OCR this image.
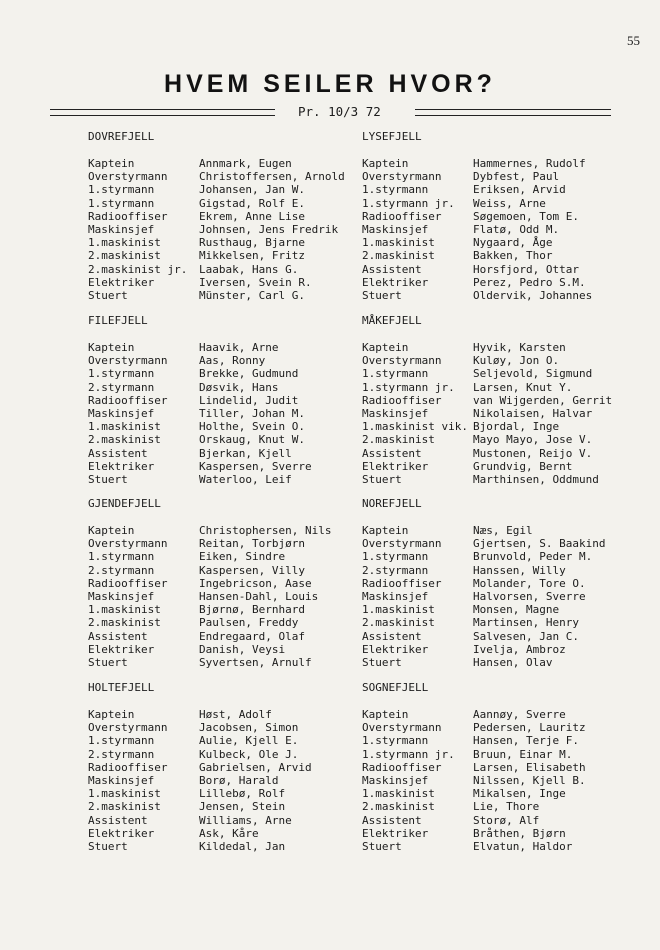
55
HVEM SEILER HVOR?
Pr. 10/3 72
DOVREFJELL
Kaptein	Annmark, Eugen
Overstyrmann	Christoffersen, Arnold
1.styrmann	Johansen, Jan W.
1.styrmann	Gigstad, Rolf E.
Radiooffiser	Ekrem, Anne Lise
Maskinsjef	Johnsen, Jens Fredrik
1.maskinist	Rusthaug, Bjarne
2.maskinist	Mikkelsen, Fritz
2.maskinist jr.	Laabak, Hans G.
Elektriker	Iversen, Svein R.
Stuert	Münster, Carl G.
LYSEFJELL
Kaptein	Hammernes, Rudolf
Overstyrmann	Dybfest, Paul
1.styrmann	Eriksen, Arvid
1.styrmann jr.	Weiss, Arne
Radiooffiser	Søgemoen, Tom E.
Maskinsjef	Flatø, Odd M.
1.maskinist	Nygaard, Åge
2.maskinist	Bakken, Thor
Assistent	Horsfjord, Ottar
Elektriker	Perez, Pedro S.M.
Stuert	Oldervik, Johannes
FILEFJELL
Kaptein	Haavik, Arne
Overstyrmann	Aas, Ronny
1.styrmann	Brekke, Gudmund
2.styrmann	Døsvik, Hans
Radiooffiser	Lindelid, Judit
Maskinsjef	Tiller, Johan M.
1.maskinist	Holthe, Svein O.
2.maskinist	Orskaug, Knut W.
Assistent	Bjerkan, Kjell
Elektriker	Kaspersen, Sverre
Stuert	Waterloo, Leif
MÅKEFJELL
Kaptein	Hyvik, Karsten
Overstyrmann	Kuløy, Jon O.
1.styrmann	Seljevold, Sigmund
1.styrmann jr.	Larsen, Knut Y.
Radiooffiser	van Wijgerden, Gerrit
Maskinsjef	Nikolaisen, Halvar
1.maskinist vik. Bjordal, Inge
2.maskinist	Mayo Mayo, Jose V.
Assistent	Mustonen, Reijo V.
Elektriker	Grundvig, Bernt
Stuert	Marthinsen, Oddmund
GJENDEFJELL
Kaptein	Christophersen, Nils
Overstyrmann	Reitan, Torbjørn
1.styrmann	Eiken, Sindre
2.styrmann	Kaspersen, Villy
Radiooffiser	Ingebricson, Aase
Maskinsjef	Hansen-Dahl, Louis
1.maskinist	Bjørnø, Bernhard
2.maskinist	Paulsen, Freddy
Assistent	Endregaard, Olaf
Elektriker	Danish, Veysi
Stuert	Syvertsen, Arnulf
NOREFJELL
Kaptein	Næs, Egil
Overstyrmann	Gjertsen, S. Baakind
1.styrmann	Brunvold, Peder M.
2.styrmann	Hanssen, Willy
Radiooffiser	Molander, Tore O.
Maskinsjef	Halvorsen, Sverre
1.maskinist	Monsen, Magne
2.maskinist	Martinsen, Henry
Assistent	Salvesen, Jan C.
Elektriker	Ivelja, Ambroz
Stuert	Hansen, Olav
HOLTEFJELL
Kaptein	Høst, Adolf
Overstyrmann	Jacobsen, Simon
1.styrmann	Aulie, Kjell E.
2.styrmann	Kulbeck, Ole J.
Radiooffiser	Gabrielsen, Arvid
Maskinsjef	Borø, Harald
1.maskinist	Lillebø, Rolf
2.maskinist	Jensen, Stein
Assistent	Williams, Arne
Elektriker	Ask, Kåre
Stuert	Kildedal, Jan
SOGNEFJELL
Kaptein	Aannøy, Sverre
Overstyrmann	Pedersen, Lauritz
1.styrmann	Hansen, Terje F.
1.styrmann jr.	Bruun, Einar M.
Radiooffiser	Larsen, Elisabeth
Maskinsjef	Nilssen, Kjell B.
1.maskinist	Mikalsen, Inge
2.maskinist	Lie, Thore
Assistent	Storø, Alf
Elektriker	Bråthen, Bjørn
Stuert	Elvatun, Haldor
